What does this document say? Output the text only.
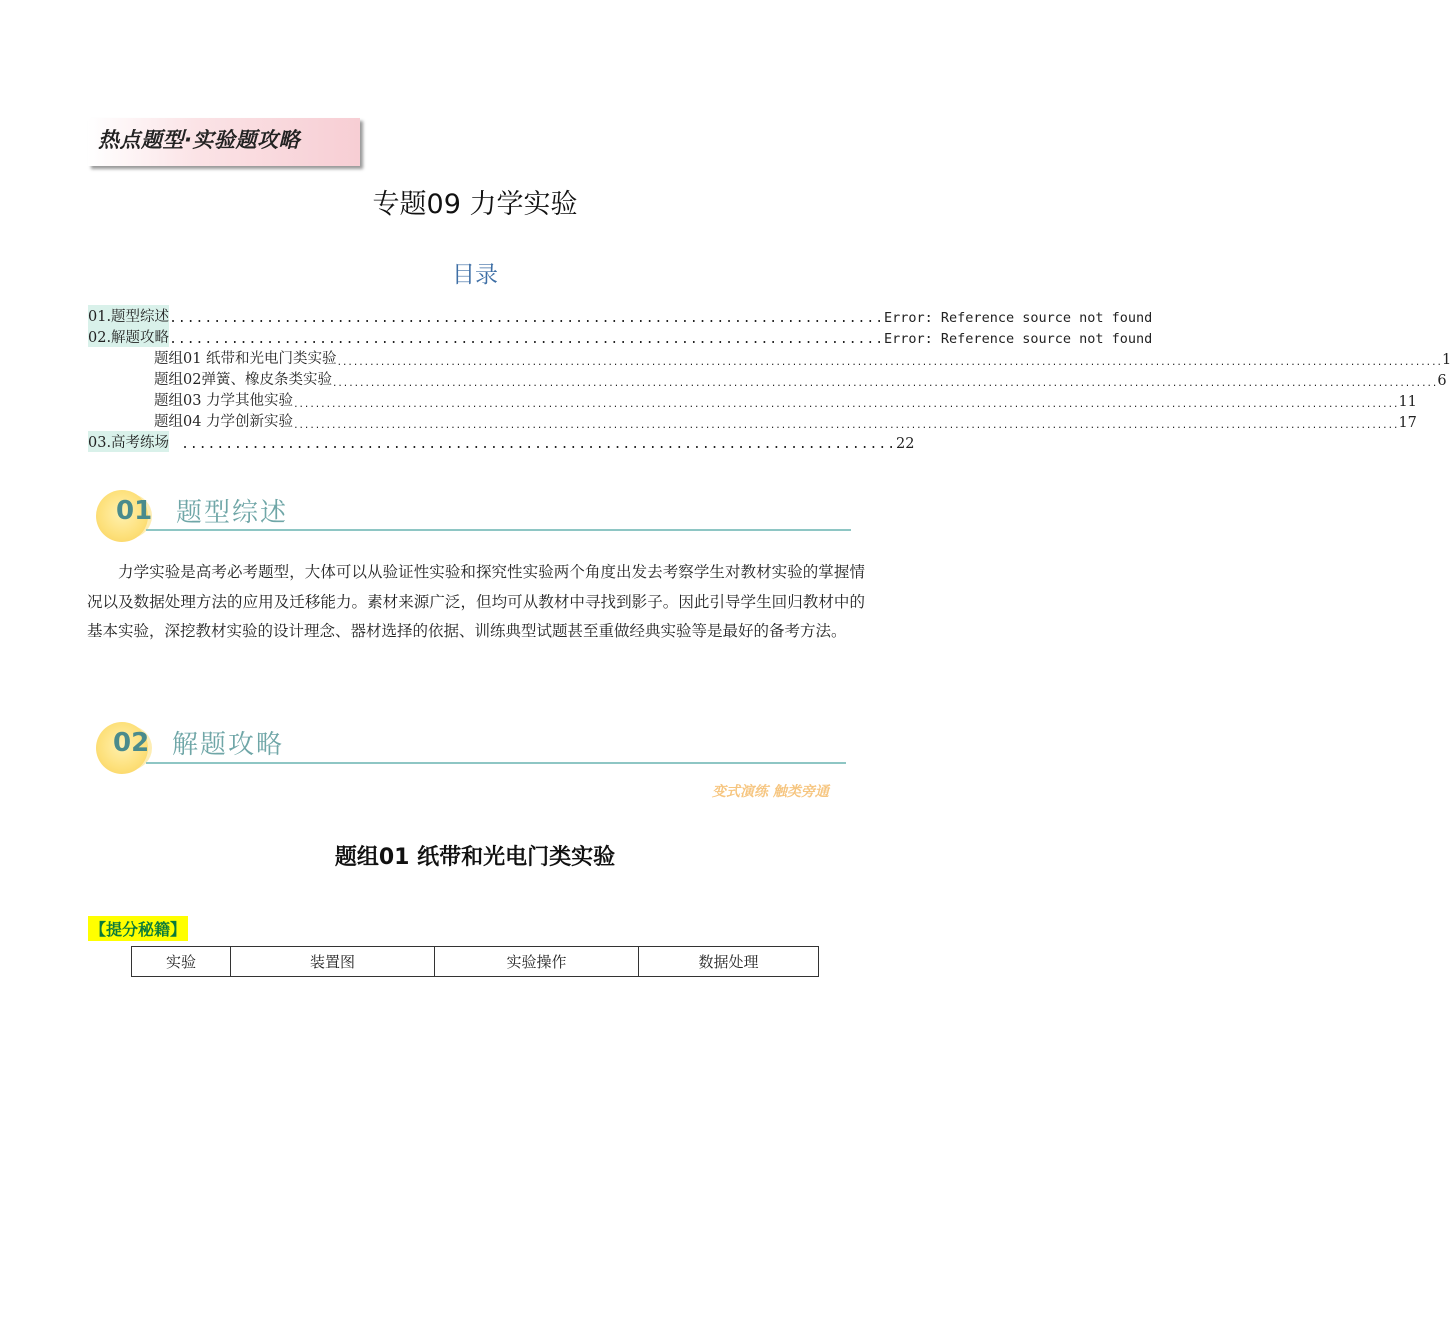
热点题型·实验题攻略
专题09 力学实验
目录
01.题型综述 ................................................................................. Error: Reference source not found
02.解题攻略 ................................................................................. Error: Reference source not found
题组01 纸带和光电门类实验 ............................................................................................................................................................................................................ 1
题组02弹簧、橡皮条类实验 ............................................................................................................................................................................................................ 6
题组03 力学其他实验 ............................................................................................................................................................................................................ 11
题组04 力学创新实验 ............................................................................................................................................................................................................ 17
03.高考练场 ................................................................................. 22
01 题型综述
力学实验是高考必考题型，大体可以从验证性实验和探究性实验两个角度出发去考察学生对教材实验的掌握情况以及数据处理方法的应用及迁移能力。素材来源广泛，但均可从教材中寻找到影子。因此引导学生回归教材中的基本实验，深挖教材实验的设计理念、器材选择的依据、训练典型试题甚至重做经典实验等是最好的备考方法。
02 解题攻略
变式演练 触类旁通
题组01 纸带和光电门类实验
【提分秘籍】
实验	装置图	实验操作	数据处理
